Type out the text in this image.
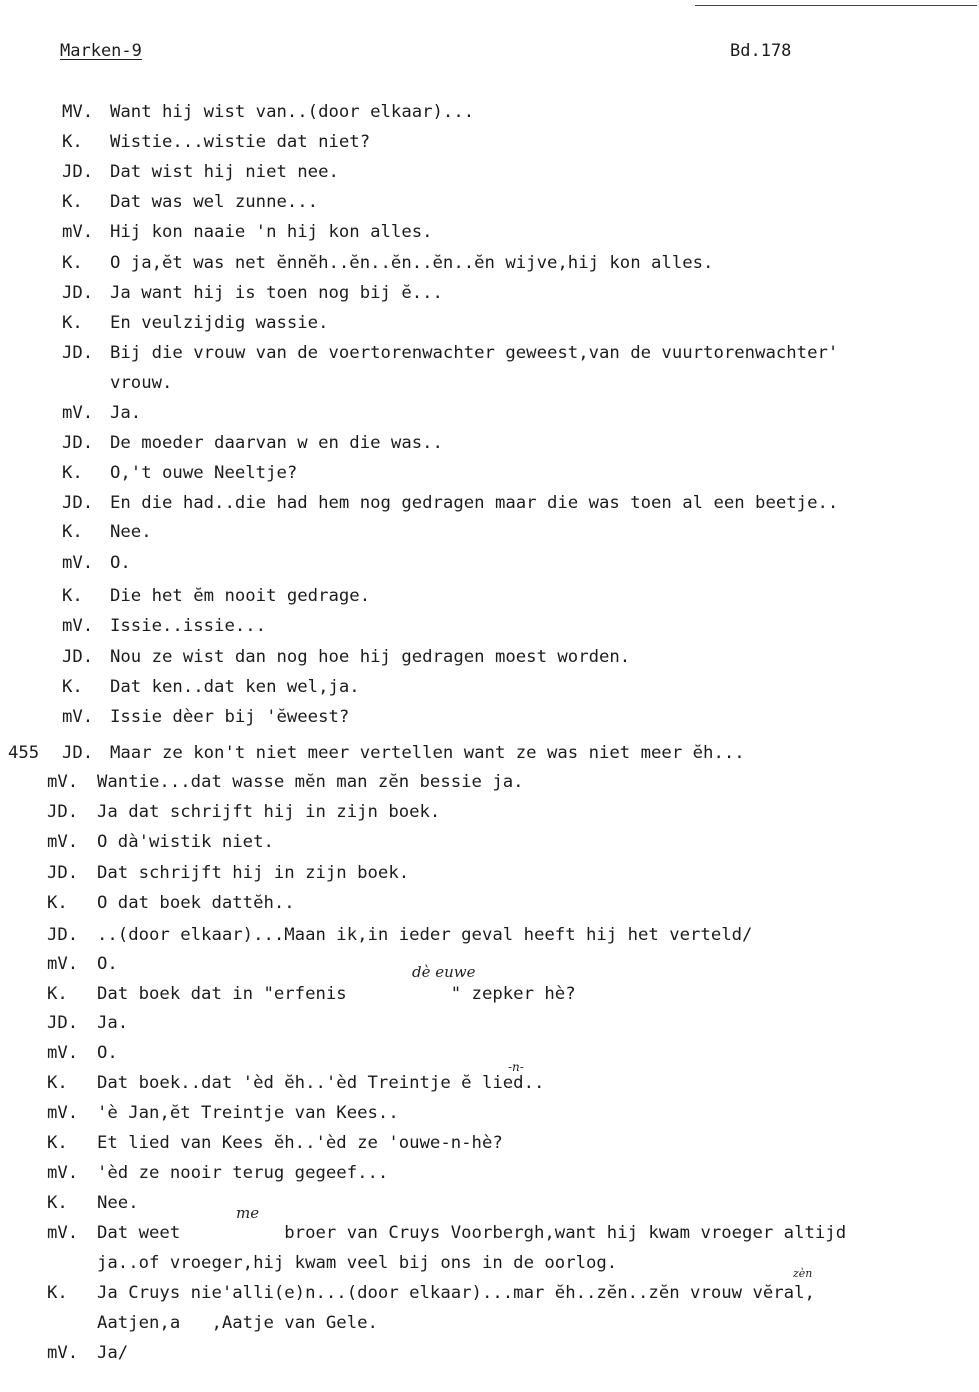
Marken-9	Bd.178
MV. Want hij wist van..(door elkaar)...
K. Wistie...wistie dat niet?
JD. Dat wist hij niet nee.
K. Dat was wel zunne...
mV. Hij kon naaie 'n hij kon alles.
K. O ja,ĕt was net ĕnnĕh..ĕn..ĕn..ĕn..ĕn wijve,hij kon alles.
JD. Ja want hij is toen nog bij ĕ...
K. En veulzijdig wassie.
JD. Bij die vrouw van de voertorenwachter geweest,van de vuurtorenwachter'
vrouw.
mV. Ja.
JD. De moeder daarvan w en die was..
K. O,'t ouwe Neeltje?
JD. En die had..die had hem nog gedragen maar die was toen al een beetje..
K. Nee.
mV. O.
K. Die het ĕm nooit gedrage.
mV. Issie..issie...
JD. Nou ze wist dan nog hoe hij gedragen moest worden.
K. Dat ken..dat ken wel,ja.
mV. Issie dèer bij 'ĕweest?
455 JD. Maar ze kon't niet meer vertellen want ze was niet meer ĕh...
mV. Wantie...dat wasse mĕn man zĕn bessie ja.
JD. Ja dat schrijft hij in zijn boek.
mV. O dà'wistik niet.
JD. Dat schrijft hij in zijn boek.
K. O dat boek dattĕh..
JD. ..(door elkaar)...Maan ik,in ieder geval heeft hij het verteld/
mV. O.
K. Dat boek dat in "erfenis          " zepker hè?
JD. Ja.
mV. O.
K. Dat boek..dat 'èd ĕh..'èd Treintje ĕ lied..
mV. 'è Jan,ĕt Treintje van Kees..
K. Et lied van Kees ĕh..'èd ze 'ouwe-n-hè?
mV. 'èd ze nooir terug gegeef...
K. Nee.
mV. Dat weet          broer van Cruys Voorbergh,want hij kwam vroeger altijd
ja..of vroeger,hij kwam veel bij ons in de oorlog.
K. Ja Cruys nie'alli(e)n...(door elkaar)...mar ĕh..zĕn..zĕn vrouw vĕral,
Aatjen,a   ,Aatje van Gele.
mV. Ja/
dè euwe
me
-n-
zèn
